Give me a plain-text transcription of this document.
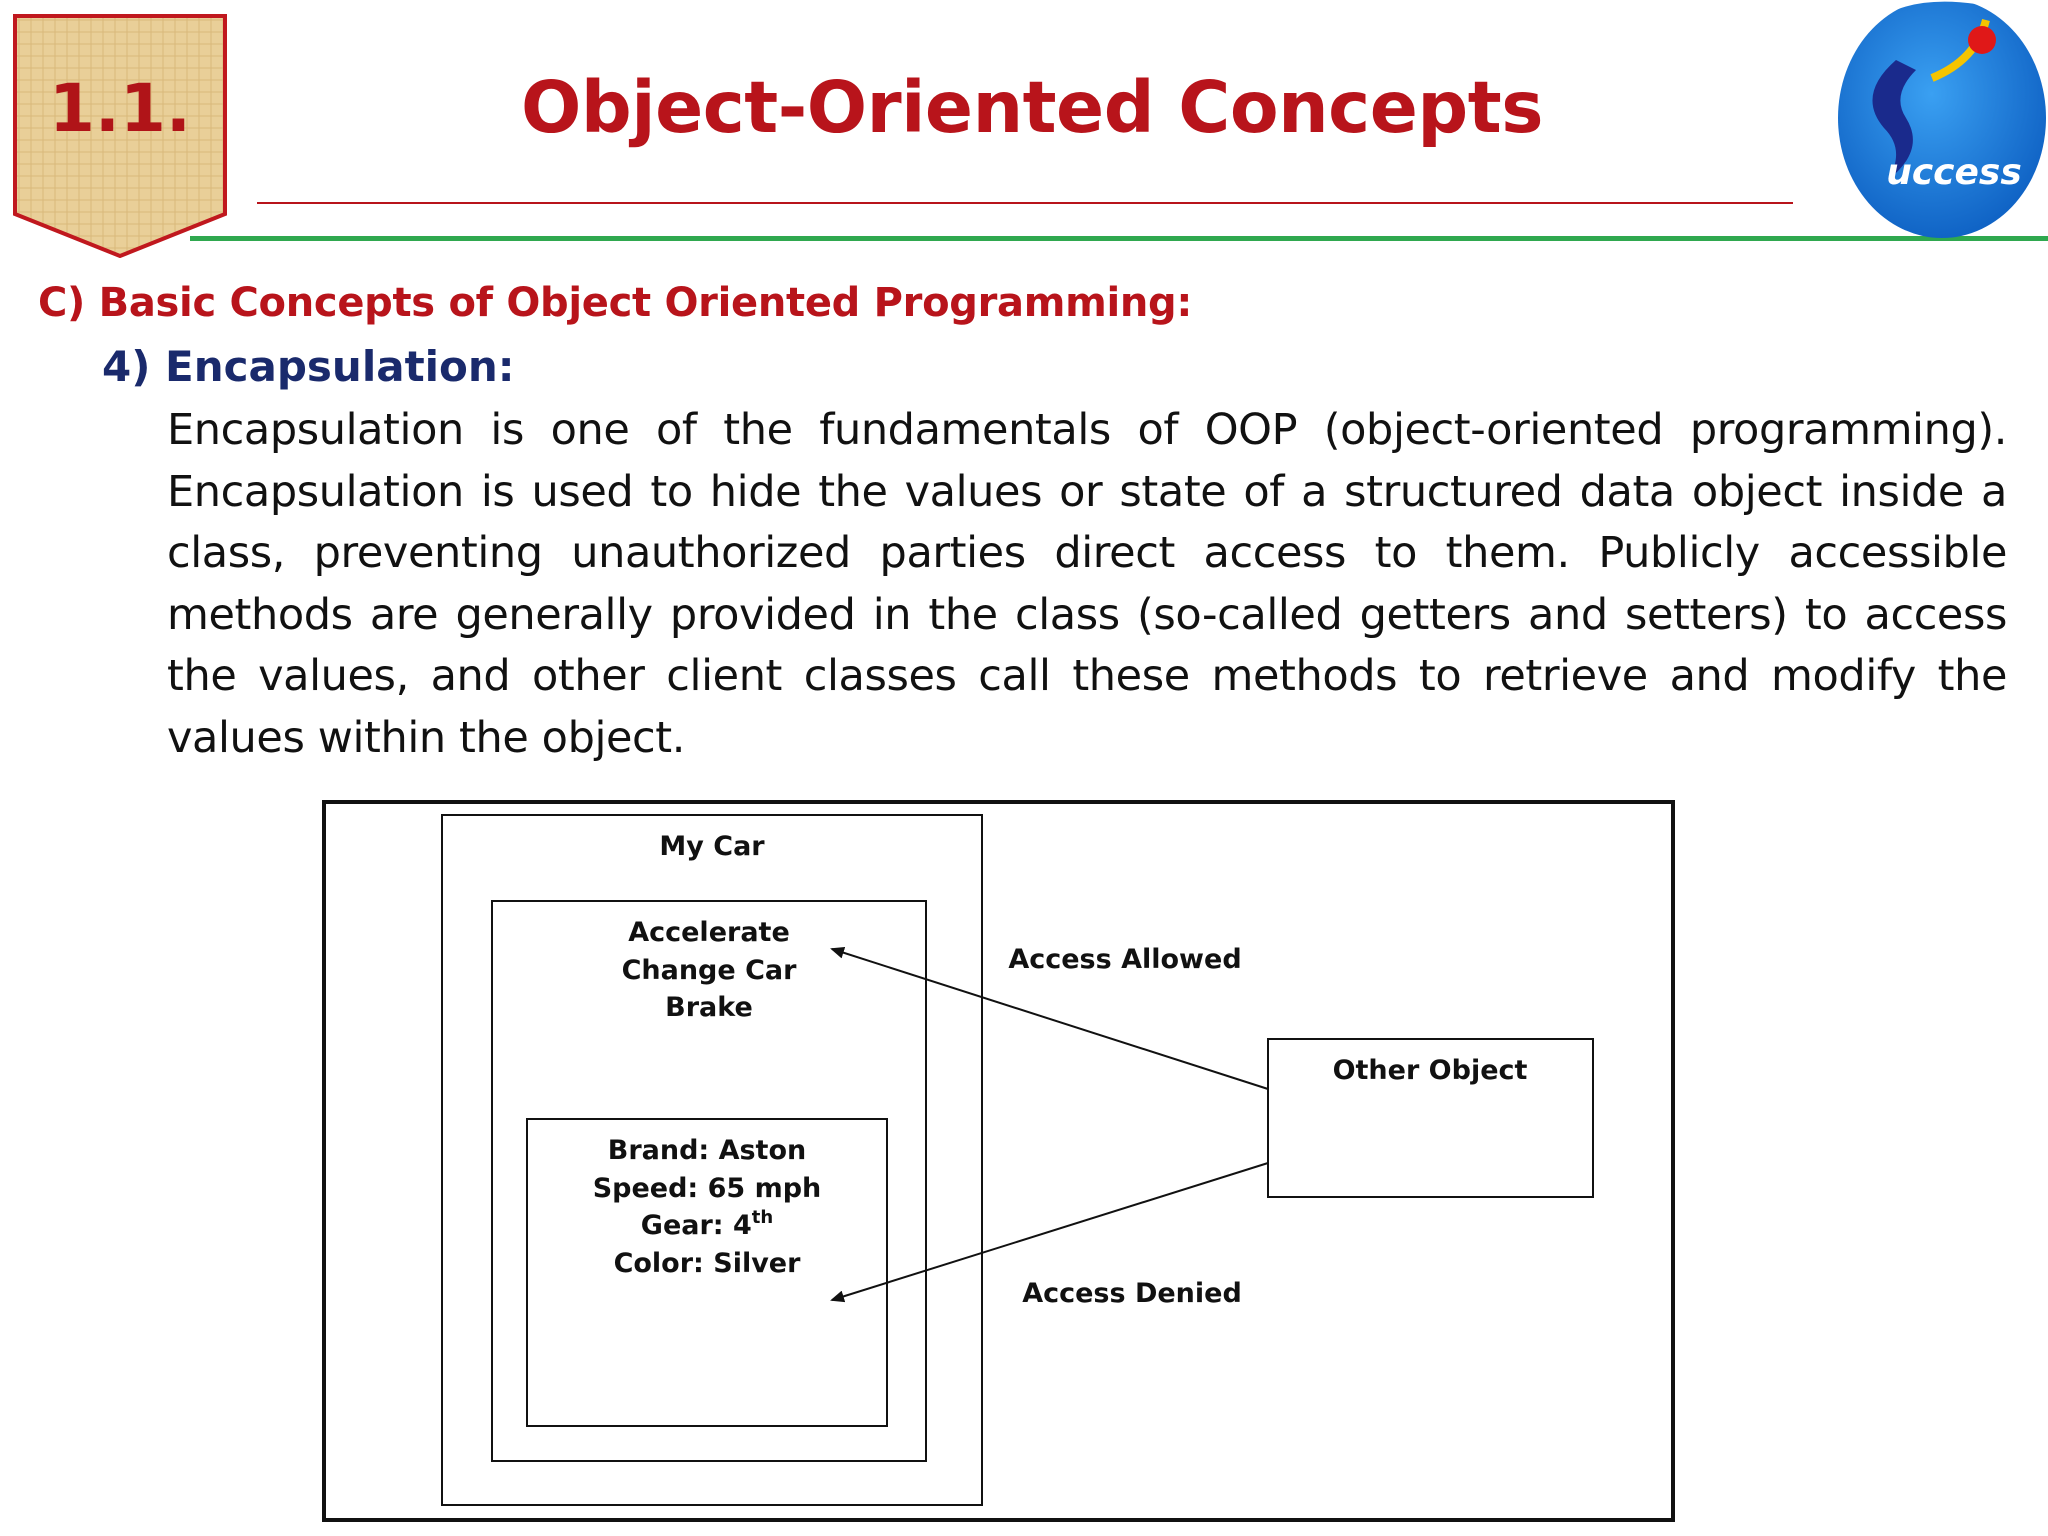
1.1.	Object-Oriented Concepts
uccess
C) Basic Concepts of Object Oriented Programming:
4) Encapsulation:
Encapsulation is one of the fundamentals of OOP (object-oriented programming). Encapsulation is used to hide the values or state of a structured data object inside a class, preventing unauthorized parties direct access to them. Publicly accessible methods are generally provided in the class (so-called getters and setters) to access the values, and other client classes call these methods to retrieve and modify the values within the object.
My Car
Accelerate
Change Car
Brake
Brand: Aston
Speed: 65 mph
Gear: 4th
Color: Silver
Other Object
Access Allowed
Access Denied
